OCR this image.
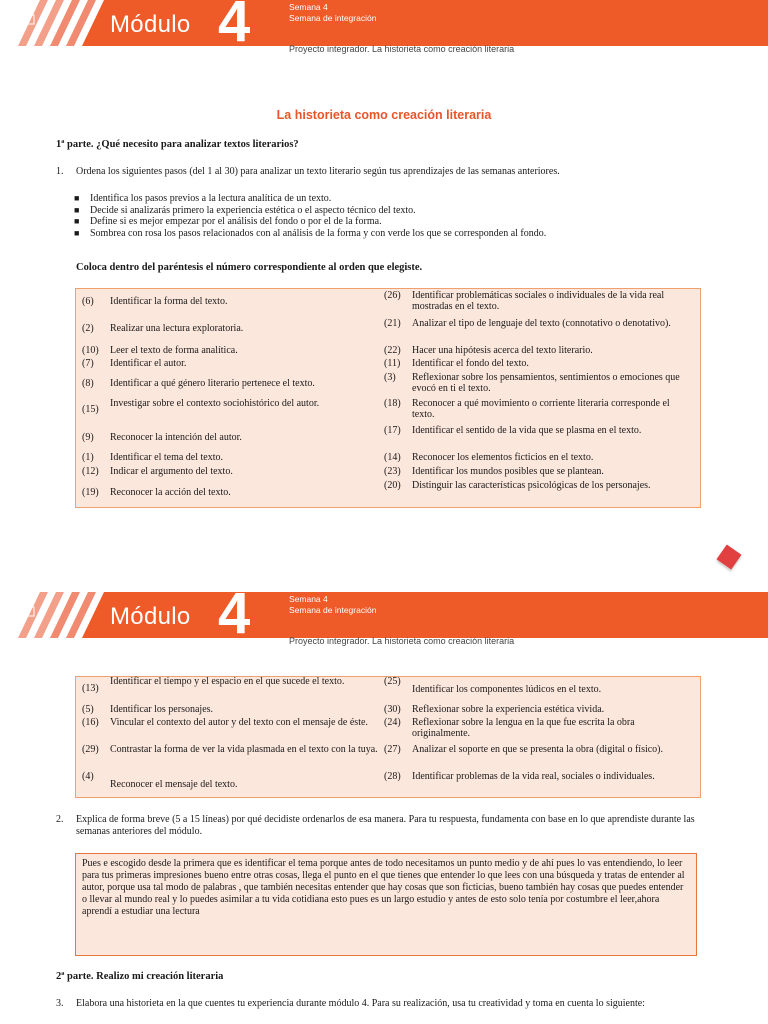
Módulo 4	Semana 4
Semana de integración
SEP
Proyecto integrador. La historieta como creación literaria
La historieta como creación literaria
1ª parte. ¿Qué necesito para analizar textos literarios?
1. Ordena los siguientes pasos (del 1 al 30) para analizar un texto literario según tus aprendizajes de las semanas anteriores.
■ Identifica los pasos previos a la lectura analítica de un texto.
■ Decide si analizarás primero la experiencia estética o el aspecto técnico del texto.
■ Define si es mejor empezar por el análisis del fondo o por el de la forma.
■ Sombrea con rosa los pasos relacionados con al análisis de la forma y con verde los que se corresponden al fondo.
Coloca dentro del paréntesis el número correspondiente al orden que elegiste.
(6) Identificar la forma del texto.
(2) Realizar una lectura exploratoria.
(10) Leer el texto de forma analítica.
(7) Identificar el autor.
(8) Identificar a qué género literario pertenece el texto.
(15)
Investigar sobre el contexto sociohistórico del autor.
(9) Reconocer la intención del autor.
(1) Identificar el tema del texto.
(12) Indicar el argumento del texto.
(19) Reconocer la acción del texto.
(26) Identificar problemáticas sociales o individuales de la vida real mostradas en el texto.
(21) Analizar el tipo de lenguaje del texto (connotativo o denotativo).
(22) Hacer una hipótesis acerca del texto literario.
(11) Identificar el fondo del texto.
(3) Reflexionar sobre los pensamientos, sentimientos o emociones que evocó en ti el texto.
(18) Reconocer a qué movimiento o corriente literaria corresponde el texto.
(17) Identificar el sentido de la vida que se plasma en el texto.
(14) Reconocer los elementos ficticios en el texto.
(23) Identificar los mundos posibles que se plantean.
(20) Distinguir las características psicológicas de los personajes.
Módulo 4	Semana 4
Semana de integración
SEP
Proyecto integrador. La historieta como creación literaria
(13)
Identificar el tiempo y el espacio en el que sucede el texto.
(5) Identificar los personajes.
(16) Vincular el contexto del autor y del texto con el mensaje de éste.
(29) Contrastar la forma de ver la vida plasmada en el texto con la tuya.
(4)
Reconocer el mensaje del texto.
(25)
Identificar los componentes lúdicos en el texto.
(30) Reflexionar sobre la experiencia estética vivida.
(24) Reflexionar sobre la lengua en la que fue escrita la obra originalmente.
(27) Analizar el soporte en que se presenta la obra (digital o físico).
(28) Identificar problemas de la vida real, sociales o individuales.
2. Explica de forma breve (5 a 15 líneas) por qué decidiste ordenarlos de esa manera. Para tu respuesta, fundamenta con base en lo que aprendiste durante las semanas anteriores del módulo.

Pues e escogido desde la primera que es identificar el tema porque antes de todo necesitamos un punto medio y de ahí pues lo vas entendiendo, lo leer para tus primeras impresiones bueno entre otras cosas, llega el punto en el que tienes que entender lo que lees con una búsqueda y tratas de entender al autor, porque usa tal modo de palabras , que también necesitas entender que hay cosas que son ficticias, bueno también hay cosas que puedes entender o llevar al mundo real y lo puedes asimilar a tu vida cotidiana esto pues es un largo estudio y antes de esto solo tenía por costumbre el leer,ahora aprendí a estudiar una lectura

2ª parte. Realizo mi creación literaria
3. Elabora una historieta en la que cuentes tu experiencia durante módulo 4. Para su realización, usa tu creatividad y toma en cuenta lo siguiente:
